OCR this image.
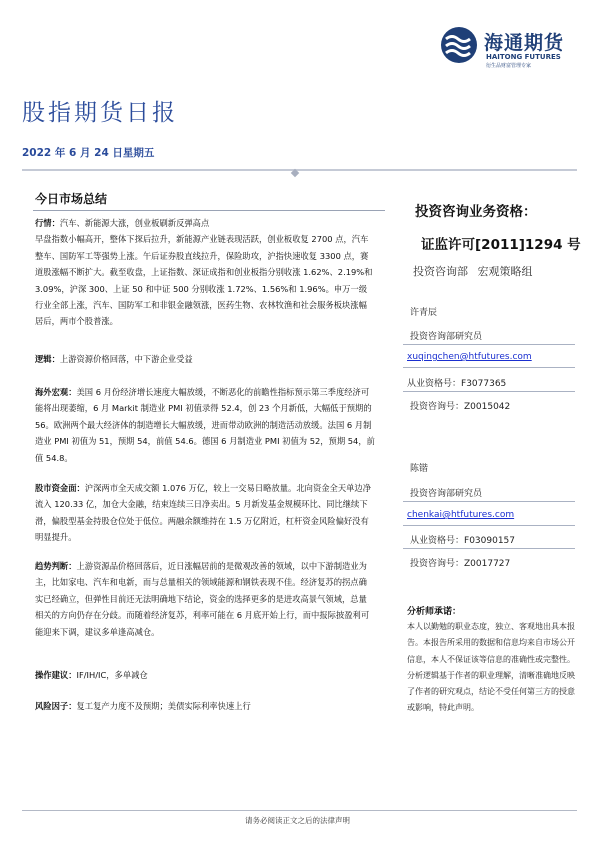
海通期货
HAITONG FUTURES
衍生品财富管理专家
股指期货日报
2022 年 6 月 24 日星期五
今日市场总结
行情：汽车、新能源大涨，创业板刷新反弹高点
早盘指数小幅高开，整体下探后拉升，新能源产业链表现活跃，创业板收复 2700 点，汽车整车、国防军工等强势上涨。午后证券股直线拉升，保险助攻，沪指快速收复 3300 点，赛道股涨幅不断扩大。截至收盘，上证指数、深证成指和创业板指分别收涨 1.62%、2.19%和 3.09%，沪深 300、上证 50 和中证 500 分别收涨 1.72%、1.56%和 1.96%。申万一级行业全部上涨，汽车、国防军工和非银金融领涨，医药生物、农林牧渔和社会服务板块涨幅居后，两市个股普涨。
逻辑：上游资源价格回落，中下游企业受益
海外宏观：美国 6 月份经济增长速度大幅放缓，不断恶化的前瞻性指标预示第三季度经济可能将出现萎缩，6 月 Markit 制造业 PMI 初值录得 52.4，创 23 个月新低，大幅低于预期的 56。欧洲两个最大经济体的制造增长大幅放缓，进而带动欧洲的制造活动放缓。法国 6 月制造业 PMI 初值为 51，预期 54，前值 54.6。德国 6 月制造业 PMI 初值为 52，预期 54，前值 54.8。
股市资金面：沪深两市全天成交额 1.076 万亿，较上一交易日略放量。北向资金全天单边净流入 120.33 亿，加仓大金融，结束连续三日净卖出。5 月新发基金规模环比、同比继续下滑，偏股型基金持股仓位处于低位。两融余额维持在 1.5 万亿附近，杠杆资金风险偏好没有明显提升。
趋势判断：上游资源品价格回落后，近日涨幅居前的是微观改善的领域，以中下游制造业为主，比如家电、汽车和电新，而与总量相关的领域能源和钢铁表现不佳。经济复苏的拐点确实已经确立，但弹性目前还无法明确地下结论，资金的选择更多的是进攻高景气领域，总量相关的方向仍存在分歧。而随着经济复苏，利率可能在 6 月底开始上行，而中报际披盈利可能迎来下调，建议多单逢高减仓。
操作建议：IF/IH/IC，多单减仓
风险因子：复工复产力度不及预期；美债实际利率快速上行
投资咨询业务资格：
证监许可[2011]1294 号
投资咨询部 宏观策略组
许青辰
投资咨询部研究员
xuqingchen@htfutures.com
从业资格号：F3077365
投资咨询号：Z0015042
陈锴
投资咨询部研究员
chenkai@htfutures.com
从业资格号：F03090157
投资咨询号：Z0017727
分析师承诺：
本人以勤勉的职业态度，独立、客观地出具本报告。本报告所采用的数据和信息均来自市场公开信息，本人不保证该等信息的准确性或完整性。分析逻辑基于作者的职业理解，清晰准确地反映了作者的研究观点，结论不受任何第三方的授意或影响，特此声明。
请务必阅读正文之后的法律声明
